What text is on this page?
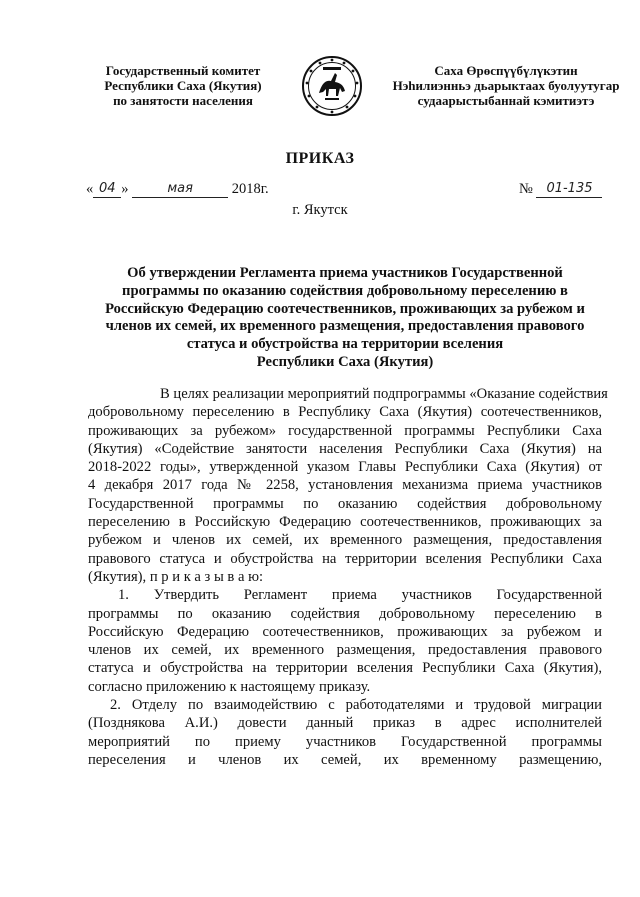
Государственный комитет
Республики Саха (Якутия)
по занятости населения
Саха Өрөспүүбүлүкэтин
Нэһилиэнньэ дьарыктаах буолуутугар
судаарыстыбаннай кэмитиэтэ
ПРИКАЗ
« 04 »	мая	2018г.	№ 01-135
г. Якутск
Об утверждении Регламента приема участников Государственной
программы по оказанию содействия добровольному переселению в
Российскую Федерацию соотечественников, проживающих за рубежом и
членов их семей, их временного размещения, предоставления правового
статуса и обустройства на территории вселения
Республики Саха (Якутия)
В целях реализации мероприятий подпрограммы «Оказание содействия
добровольному переселению в Республику Саха (Якутия) соотечественников,
проживающих за рубежом» государственной программы Республики Саха
(Якутия) «Содействие занятости населения Республики Саха (Якутия) на
2018-2022 годы», утвержденной указом Главы Республики Саха (Якутия) от
4 декабря 2017 года № 2258, установления механизма приема участников
Государственной программы по оказанию содействия добровольному
переселению в Российскую Федерацию соотечественников, проживающих за
рубежом и членов их семей, их временного размещения, предоставления
правового статуса и обустройства на территории вселения Республики Саха
(Якутия), п р и к а з ы в а ю:
1. Утвердить Регламент приема участников Государственной
программы по оказанию содействия добровольному переселению в
Российскую Федерацию соотечественников, проживающих за рубежом и
членов их семей, их временного размещения, предоставления правового
статуса и обустройства на территории вселения Республики Саха (Якутия),
согласно приложению к настоящему приказу.
2. Отделу по взаимодействию с работодателями и трудовой миграции
(Позднякова А.И.) довести данный приказ в адрес исполнителей
мероприятий по приему участников Государственной программы
переселения и членов их семей, их временному размещению,
